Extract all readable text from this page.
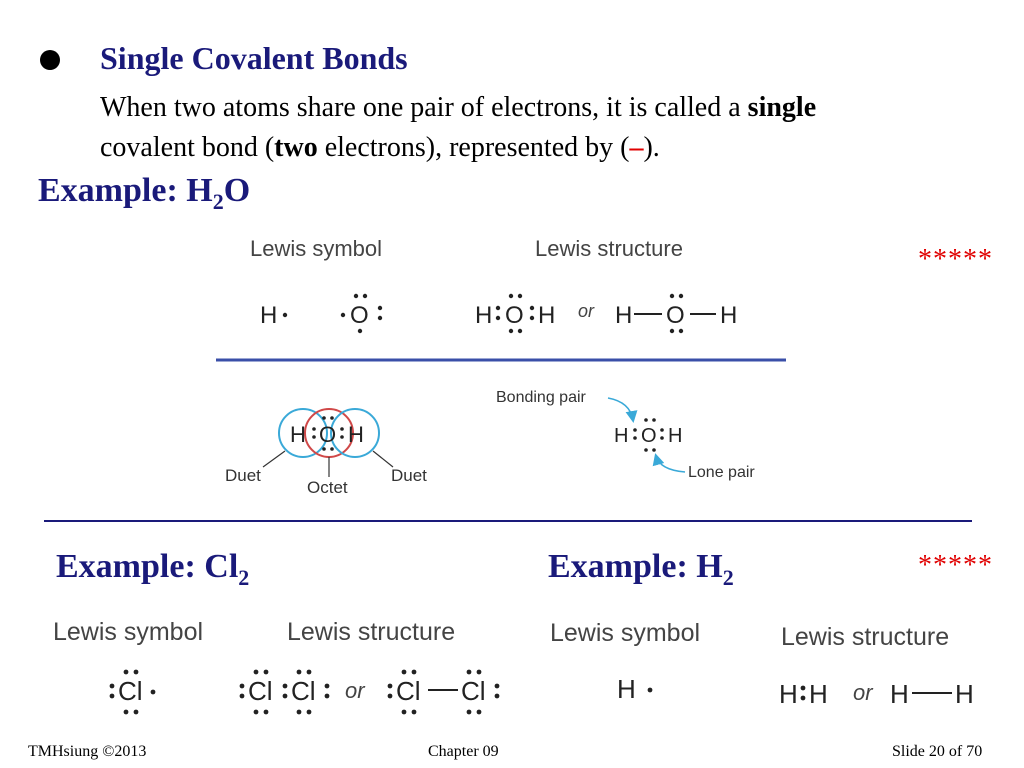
Single Covalent Bonds
When two atoms share one pair of electrons, it is called a single
covalent bond (two electrons), represented by (–).
Example: $H_2O$
*****
Lewis symbol	Lewis structure
H	O	H O H or H O H
H O H
Duet
Octet
Duet
Bonding pair
H O H
Lone pair
Example: $Cl_2$	Example: $H_2$	*****
Lewis symbol	Lewis structure
Cl	Cl Cl or Cl Cl
Lewis symbol	Lewis structure
H	H H or H H
TMHsiung ©2013	Chapter 09	Slide 20 of 70
